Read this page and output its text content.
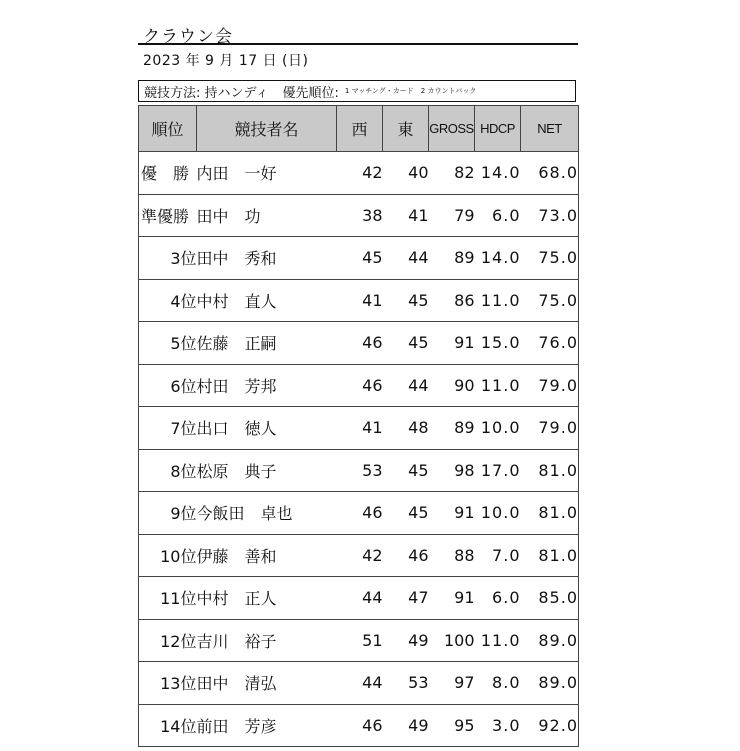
クラウン会
2023 年 9 月 17 日 (日)
競技方法: 持ハンディ 優先順位: 1 マッチング・カード　2 カウントバック
順位	競技者名	西	東	GROSS	HDCP	NET
優　勝	内田　一好	42	40	82	14.0	68.0
準優勝	田中　功	38	41	79	6.0	73.0
3位	田中　秀和	45	44	89	14.0	75.0
4位	中村　直人	41	45	86	11.0	75.0
5位	佐藤　正嗣	46	45	91	15.0	76.0
6位	村田　芳邦	46	44	90	11.0	79.0
7位	出口　徳人	41	48	89	10.0	79.0
8位	松原　典子	53	45	98	17.0	81.0
9位	今飯田　卓也	46	45	91	10.0	81.0
10位	伊藤　善和	42	46	88	7.0	81.0
11位	中村　正人	44	47	91	6.0	85.0
12位	吉川　裕子	51	49	100	11.0	89.0
13位	田中　清弘	44	53	97	8.0	89.0
14位	前田　芳彦	46	49	95	3.0	92.0
